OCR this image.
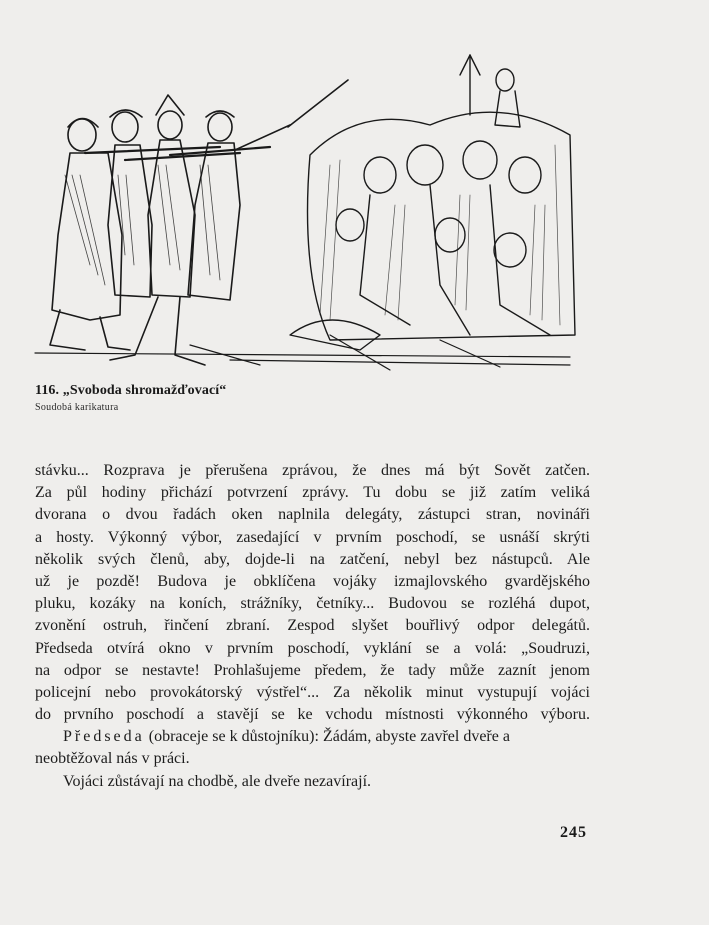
116. „Svoboda shromažďovací“
Soudobá karikatura
stávku... Rozprava je přerušena zprávou, že dnes má být Sovět zatčen.
Za půl hodiny přichází potvrzení zprávy. Tu dobu se již zatím veliká
dvorana o dvou řadách oken naplnila delegáty, zástupci stran, novináři
a hosty. Výkonný výbor, zasedající v prvním poschodí, se usnáší skrýti
několik svých členů, aby, dojde-li na zatčení, nebyl bez nástupců. Ale
už je pozdě! Budova je obklíčena vojáky izmajlovského gvardějského
pluku, kozáky na koních, strážníky, četníky... Budovou se rozléhá dupot,
zvonění ostruh, řinčení zbraní. Zespod slyšet bouřlivý odpor delegátů.
Předseda otvírá okno v prvním poschodí, vyklání se a volá: „Soudruzi,
na odpor se nestavte! Prohlašujeme předem, že tady může zaznít jenom
policejní nebo provokátorský výstřel“... Za několik minut vystupují vojáci
do prvního poschodí a stavějí se ke vchodu místnosti výkonného výboru.
Předseda (obraceje se k důstojníku): Žádám, abyste zavřel dveře a
neobtěžoval nás v práci.
Vojáci zůstávají na chodbě, ale dveře nezavírají.
245
